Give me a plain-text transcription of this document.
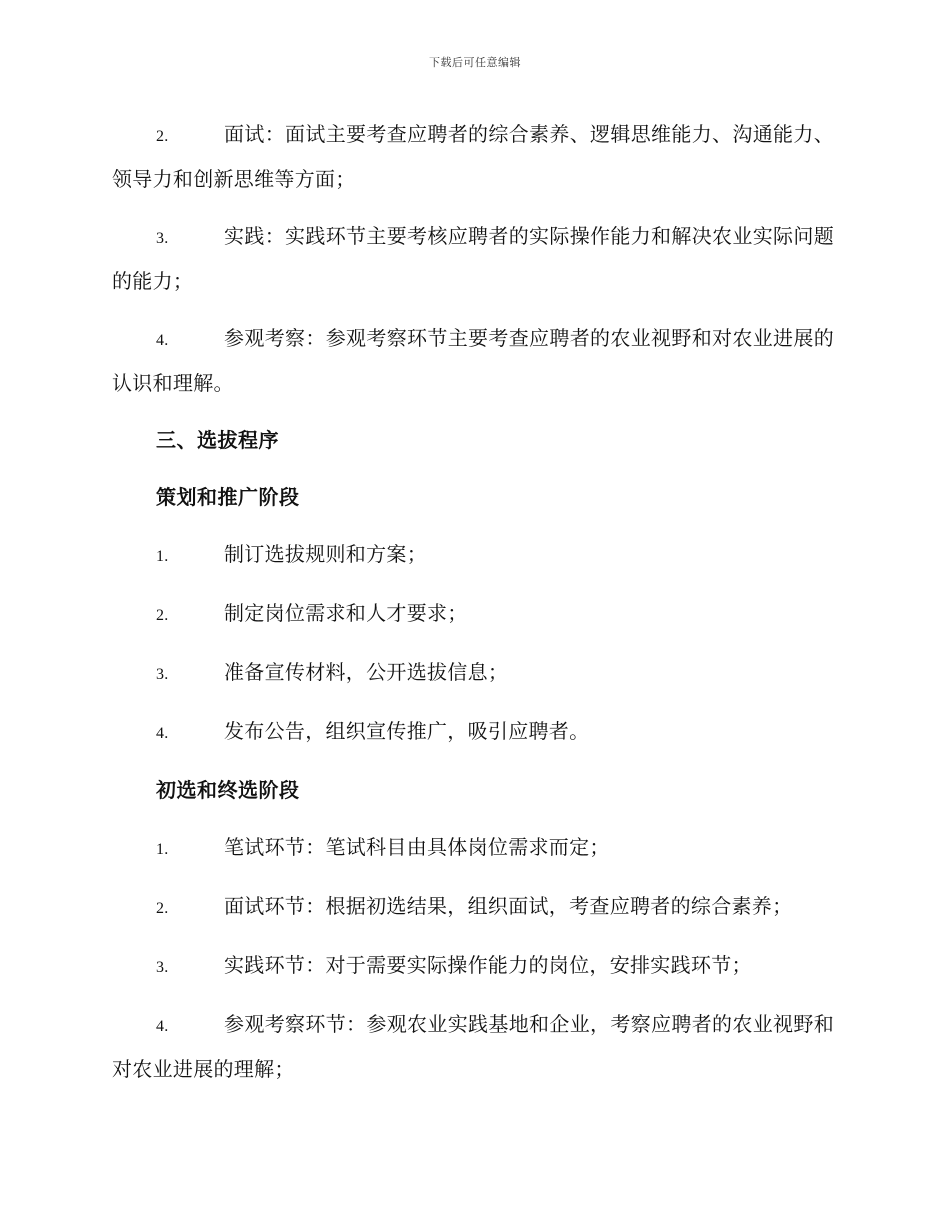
下载后可任意编辑

2.	面试：面试主要考查应聘者的综合素养、逻辑思维能力、沟通能力、领导力和创新思维等方面；

3.	实践：实践环节主要考核应聘者的实际操作能力和解决农业实际问题的能力；

4.	参观考察：参观考察环节主要考查应聘者的农业视野和对农业进展的认识和理解。

三、选拔程序

策划和推广阶段

1.	制订选拔规则和方案；

2.	制定岗位需求和人才要求；

3.	准备宣传材料，公开选拔信息；

4.	发布公告，组织宣传推广，吸引应聘者。

初选和终选阶段

1.	笔试环节：笔试科目由具体岗位需求而定；

2.	面试环节：根据初选结果，组织面试，考查应聘者的综合素养；

3.	实践环节：对于需要实际操作能力的岗位，安排实践环节；

4.	参观考察环节：参观农业实践基地和企业，考察应聘者的农业视野和对农业进展的理解；
